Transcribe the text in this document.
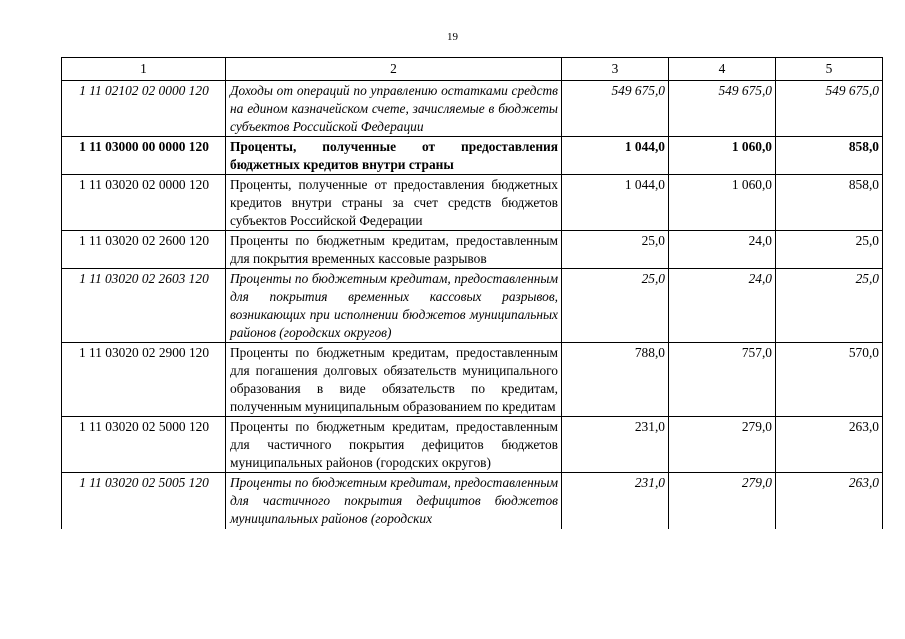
19
1	2	3	4	5
1 11 02102 02 0000 120	Доходы от операций по управлению остатками средств на едином казначейском счете, зачисляемые в бюджеты субъектов Российской Федерации	549 675,0	549 675,0	549 675,0
1 11 03000 00 0000 120	Проценты, полученные от предоставления бюджетных кредитов внутри страны	1 044,0	1 060,0	858,0
1 11 03020 02 0000 120	Проценты, полученные от предоставления бюджетных кредитов внутри страны за счет средств бюджетов субъектов Российской Федерации	1 044,0	1 060,0	858,0
1 11 03020 02 2600 120	Проценты по бюджетным кредитам, предоставленным для покрытия временных кассовые разрывов	25,0	24,0	25,0
1 11 03020 02 2603 120	Проценты по бюджетным кредитам, предоставленным для покрытия временных кассовых разрывов, возникающих при исполнении бюджетов муниципальных районов (городских округов)	25,0	24,0	25,0
1 11 03020 02 2900 120	Проценты по бюджетным кредитам, предоставленным для погашения долговых обязательств муниципального образования в виде обязательств по кредитам, полученным муниципальным образованием по кредитам	788,0	757,0	570,0
1 11 03020 02 5000 120	Проценты по бюджетным кредитам, предоставленным для частичного покрытия дефицитов бюджетов муниципальных районов (городских округов)	231,0	279,0	263,0
1 11 03020 02 5005 120	Проценты по бюджетным кредитам, предоставленным для частичного покрытия дефицитов бюджетов муниципальных районов (городских	231,0	279,0	263,0
